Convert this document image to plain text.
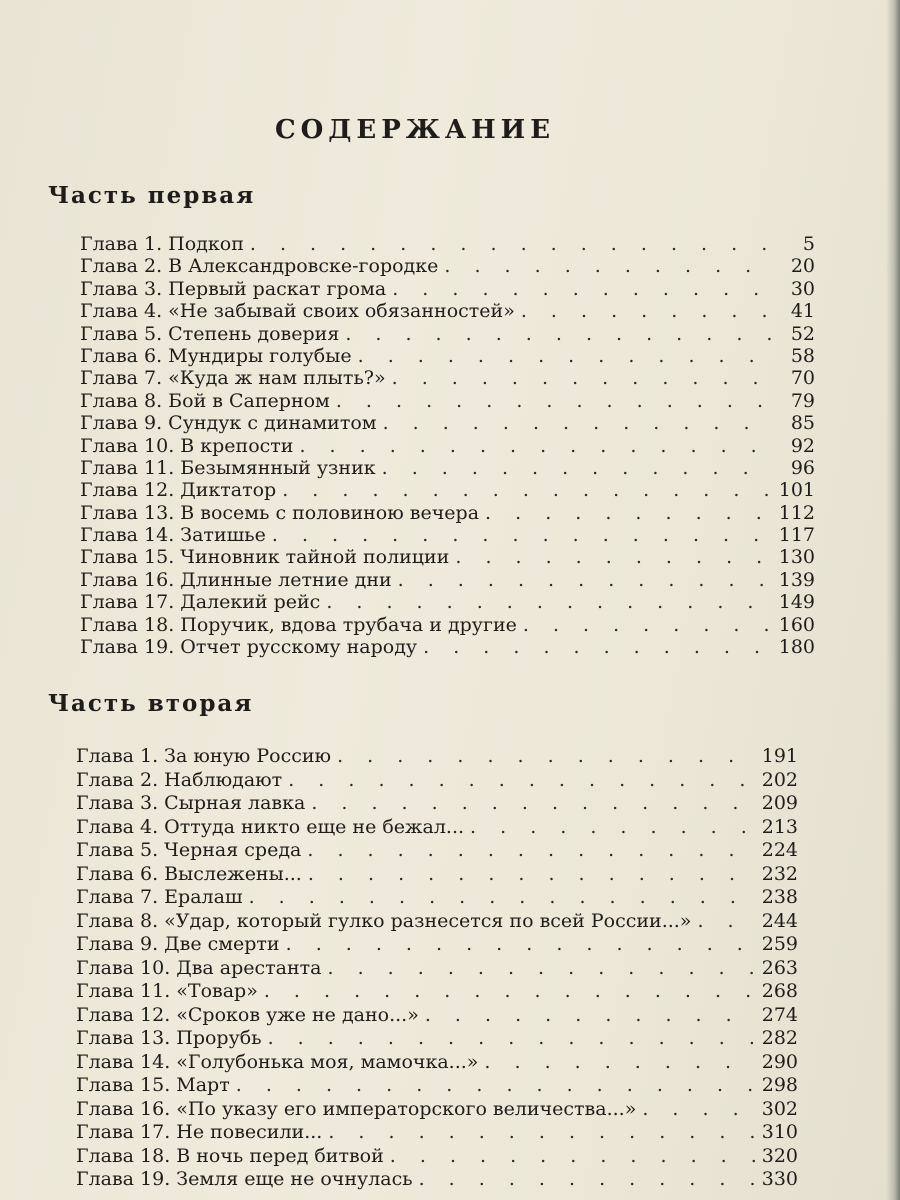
СОДЕРЖАНИЕ
Часть первая
Глава 1. Подкоп . . .	5
Глава 2. В Александровске-городке . . .	20
Глава 3. Первый раскат грома . . .	30
Глава 4. «Не забывай своих обязанностей» . . .	41
Глава 5. Степень доверия . . .	52
Глава 6. Мундиры голубые . . .	58
Глава 7. «Куда ж нам плыть?» . . .	70
Глава 8. Бой в Саперном . . .	79
Глава 9. Сундук с динамитом . . .	85
Глава 10. В крепости . . .	92
Глава 11. Безымянный узник . . .	96
Глава 12. Диктатор . . .	101
Глава 13. В восемь с половиною вечера . . .	112
Глава 14. Затишье . . .	117
Глава 15. Чиновник тайной полиции . . .	130
Глава 16. Длинные летние дни . . .	139
Глава 17. Далекий рейс . . .	149
Глава 18. Поручик, вдова трубача и другие . . .	160
Глава 19. Отчет русскому народу . . .	180
Часть вторая
Глава 1. За юную Россию . . .	191
Глава 2. Наблюдают . . .	202
Глава 3. Сырная лавка . . .	209
Глава 4. Оттуда никто еще не бежал... . . .	213
Глава 5. Черная среда . . .	224
Глава 6. Выслежены... . . .	232
Глава 7. Ералаш . . .	238
Глава 8. «Удар, который гулко разнесется по всей России...» . . .	244
Глава 9. Две смерти . . .	259
Глава 10. Два арестанта . . .	263
Глава 11. «Товар» . . .	268
Глава 12. «Сроков уже не дано...» . . .	274
Глава 13. Прорубь . . .	282
Глава 14. «Голубонька моя, мамочка...» . . .	290
Глава 15. Март . . .	298
Глава 16. «По указу его императорского величества...» . . .	302
Глава 17. Не повесили... . . .	310
Глава 18. В ночь перед битвой . . .	320
Глава 19. Земля еще не очнулась . . .	330
